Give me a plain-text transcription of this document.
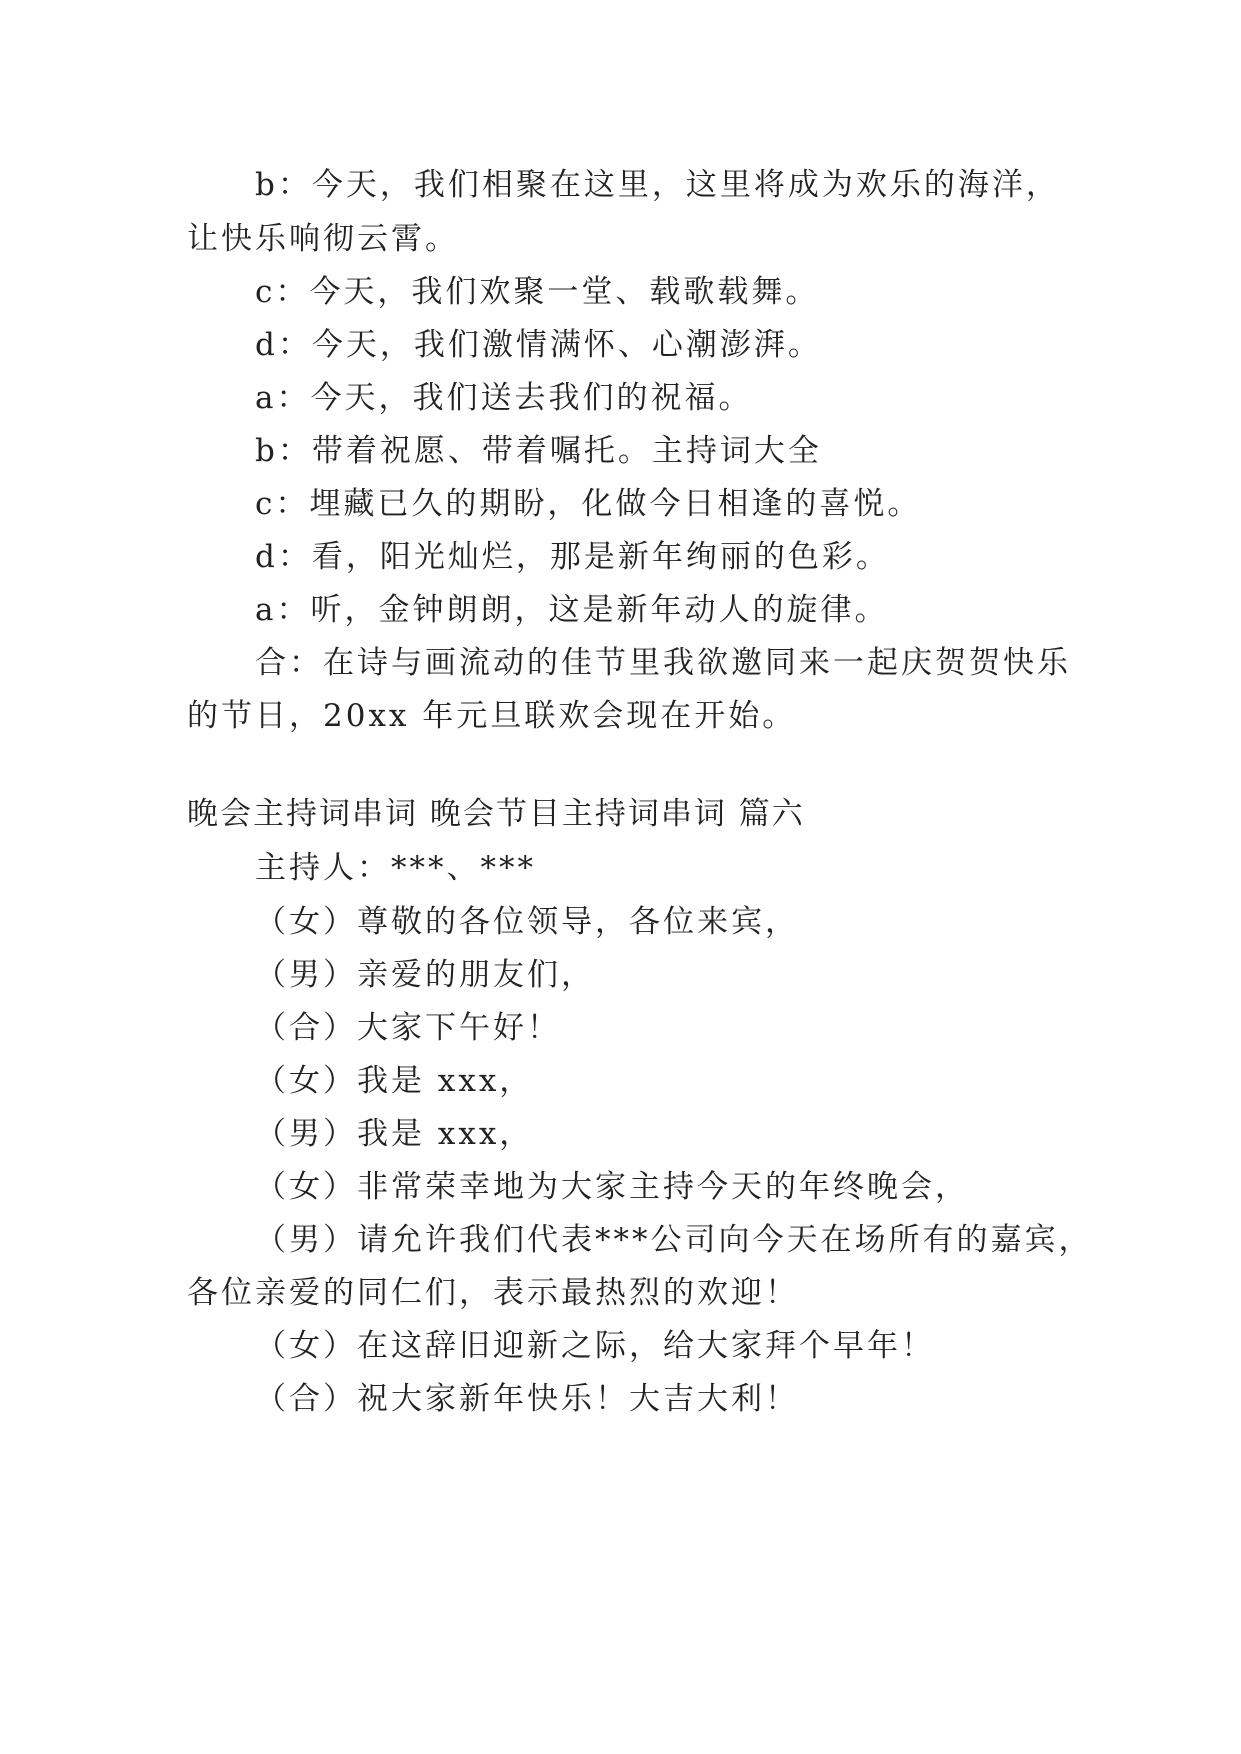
b：今天，我们相聚在这里，这里将成为欢乐的海洋，
让快乐响彻云霄。
c：今天，我们欢聚一堂、载歌载舞。
d：今天，我们激情满怀、心潮澎湃。
a：今天，我们送去我们的祝福。
b：带着祝愿、带着嘱托。主持词大全
c：埋藏已久的期盼，化做今日相逢的喜悦。
d：看，阳光灿烂，那是新年绚丽的色彩。
a：听，金钟朗朗，这是新年动人的旋律。
合：在诗与画流动的佳节里我欲邀同来一起庆贺贺快乐
的节日，20xx 年元旦联欢会现在开始。
晚会主持词串词 晚会节目主持词串词 篇六
主持人：***、***
（女）尊敬的各位领导，各位来宾，
（男）亲爱的朋友们，
（合）大家下午好！
（女）我是 xxx，
（男）我是 xxx，
（女）非常荣幸地为大家主持今天的年终晚会，
（男）请允许我们代表***公司向今天在场所有的嘉宾，
各位亲爱的同仁们，表示最热烈的欢迎！
（女）在这辞旧迎新之际，给大家拜个早年！
（合）祝大家新年快乐！大吉大利！
